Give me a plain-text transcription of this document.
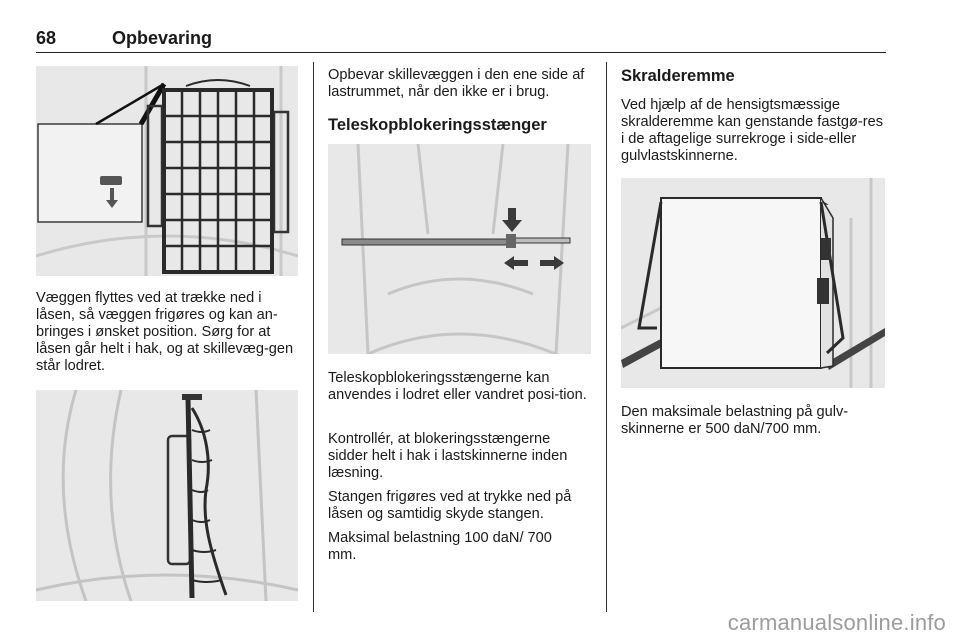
68	Opbevaring

Væggen flyttes ved at trække ned i låsen, så væggen frigøres og kan an-bringes i ønsket position. Sørg for at låsen går helt i hak, og at skillevæg-gen står lodret.

Opbevar skillevæggen i den ene side af lastrummet, når den ikke er i brug.

Teleskopblokeringsstænger

Teleskopblokeringsstængerne kan anvendes i lodret eller vandret posi-tion.

Kontrollér, at blokeringsstængerne sidder helt i hak i lastskinnerne inden læsning.

Stangen frigøres ved at trykke ned på låsen og samtidig skyde stangen.

Maksimal belastning 100 daN/ 700 mm.

Skralderemme

Ved hjælp af de hensigtsmæssige skralderemme kan genstande fastgø-res i de aftagelige surrekroge i side-eller gulvlastskinnerne.

Den maksimale belastning på gulv-skinnerne er 500 daN/700 mm.

carmanualsonline.info
